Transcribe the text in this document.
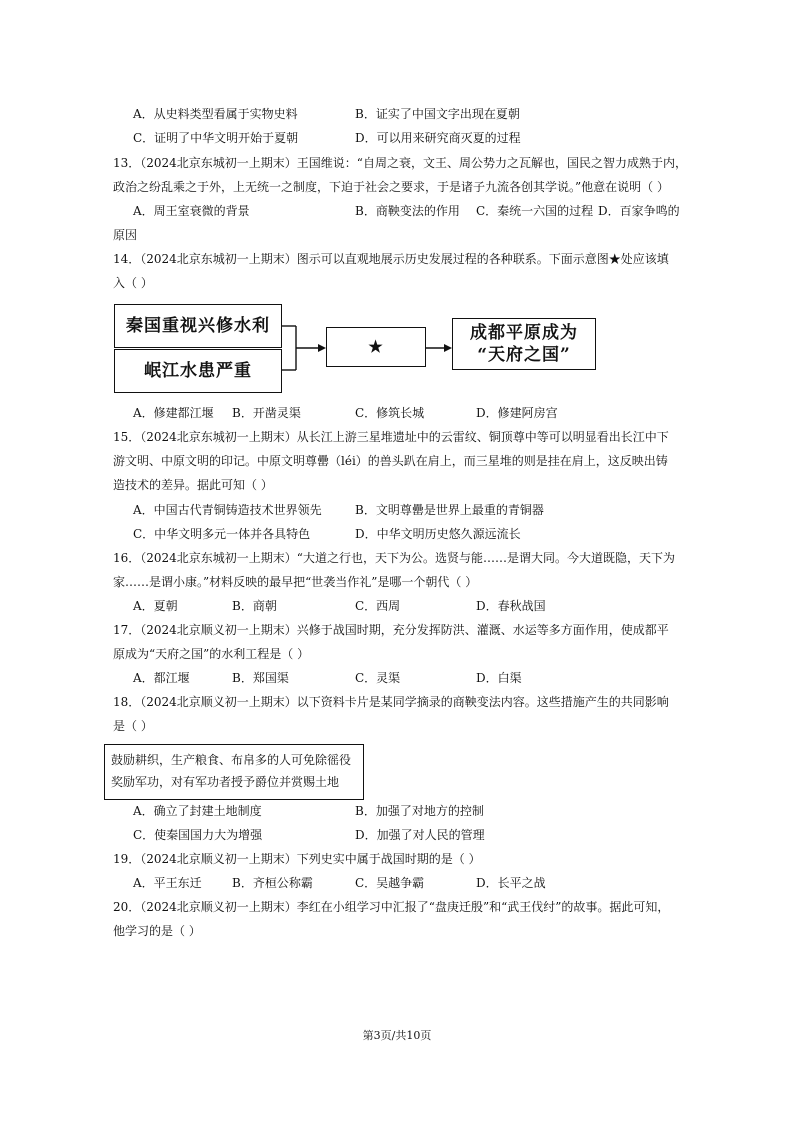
A．从史料类型看属于实物史料	B．证实了中国文字出现在夏朝
C．证明了中华文明开始于夏朝	D．可以用来研究商灭夏的过程
13．（2024北京东城初一上期末）王国维说：“自周之衰，文王、周公势力之瓦解也，国民之智力成熟于内，
政治之纷乱乘之于外，上无统一之制度，下迫于社会之要求，于是诸子九流各创其学说。”他意在说明（ ）
A．周王室衰微的背景	B．商鞅变法的作用 C．秦统一六国的过程 D．百家争鸣的
原因
14．（2024北京东城初一上期末）图示可以直观地展示历史发展过程的各种联系。下面示意图★处应该填
入（ ）
秦国重视兴修水利
岷江水患严重
★
成都平原成为
“天府之国”
A．修建都江堰 B．开凿灵渠	C．修筑长城	D．修建阿房宫
15．（2024北京东城初一上期末）从长江上游三星堆遗址中的云雷纹、铜顶尊中等可以明显看出长江中下
游文明、中原文明的印记。中原文明尊罍（léi）的兽头趴在肩上，而三星堆的则是挂在肩上，这反映出铸
造技术的差异。据此可知（ ）
A．中国古代青铜铸造技术世界领先	B．文明尊罍是世界上最重的青铜器
C．中华文明多元一体并各具特色	D．中华文明历史悠久源远流长
16．（2024北京东城初一上期末）“大道之行也，天下为公。选贤与能……是谓大同。今大道既隐，天下为
家……是谓小康。”材料反映的最早把“世袭当作礼”是哪一个朝代（ ）
A．夏朝	B．商朝	C．西周	D．春秋战国
17．（2024北京顺义初一上期末）兴修于战国时期，充分发挥防洪、灌溉、水运等多方面作用，使成都平
原成为“天府之国”的水利工程是（ ）
A．都江堰	B．郑国渠	C．灵渠	D．白渠
18．（2024北京顺义初一上期末）以下资料卡片是某同学摘录的商鞅变法内容。这些措施产生的共同影响
是（ ）
鼓励耕织，生产粮食、布帛多的人可免除徭役
奖励军功，对有军功者授予爵位并赏赐土地
A．确立了封建土地制度	B．加强了对地方的控制
C．使秦国国力大为增强	D．加强了对人民的管理
19．（2024北京顺义初一上期末）下列史实中属于战国时期的是（ ）
A．平王东迁	B．齐桓公称霸	C．吴越争霸	D．长平之战
20．（2024北京顺义初一上期末）李红在小组学习中汇报了“盘庚迁殷”和“武王伐纣”的故事。据此可知，
他学习的是（ ）
第3页/共10页
